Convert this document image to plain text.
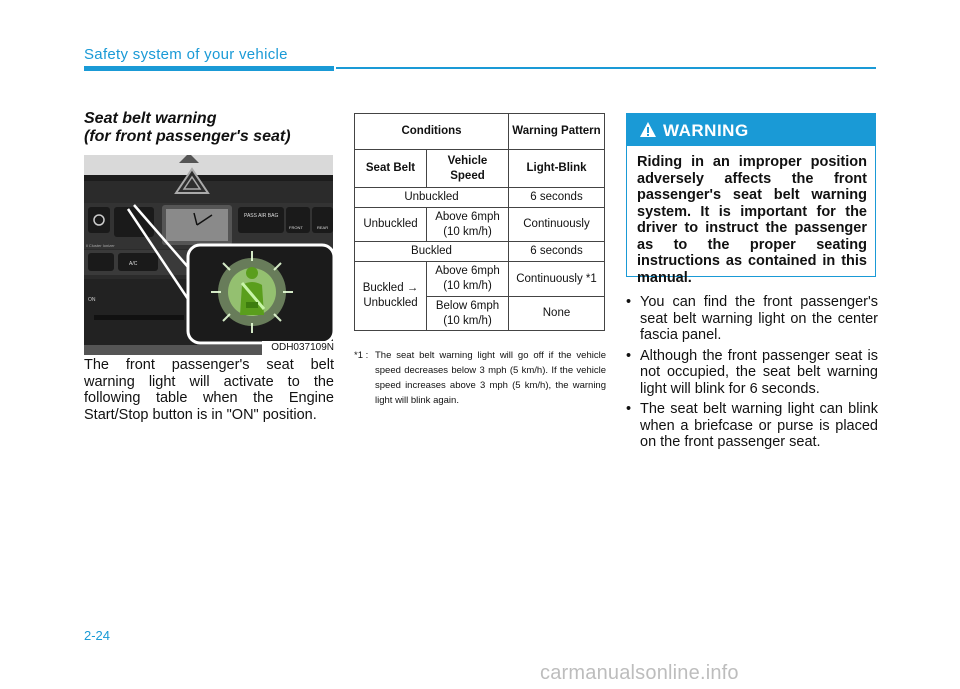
Safety system of your vehicle
Seat belt warning
(for front passenger's seat)
PASS AIR BAG
FRONT	REAR
ll Cluster Ionizer
A/C
ON
ODH037109N
The front passenger's seat belt warning light will activate to the following table when the Engine Start/Stop button is in "ON" position.
Conditions		Warning Pattern
Seat Belt	Vehicle Speed	Light-Blink
Unbuckled		6 seconds
Unbuckled	Above 6mph (10 km/h)	Continuously
Buckled		6 seconds
Buckled → Unbuckled	Above 6mph (10 km/h)	Continuously *1
	Below 6mph (10 km/h)	None
*1 : The seat belt warning light will go off if the vehicle speed decreases below 3 mph (5 km/h). If the vehicle speed increases above 3 mph (5 km/h), the warning light will blink again.
WARNING
Riding in an improper position adversely affects the front passenger's seat belt warning system. It is important for the driver to instruct the passenger as to the proper seating instructions as contained in this manual.
• You can find the front passenger's seat belt warning light on the center fascia panel.
• Although the front passenger seat is not occupied, the seat belt warning light will blink for 6 seconds.
• The seat belt warning light can blink when a briefcase or purse is placed on the front passenger seat.
2-24
carmanualsonline.info
